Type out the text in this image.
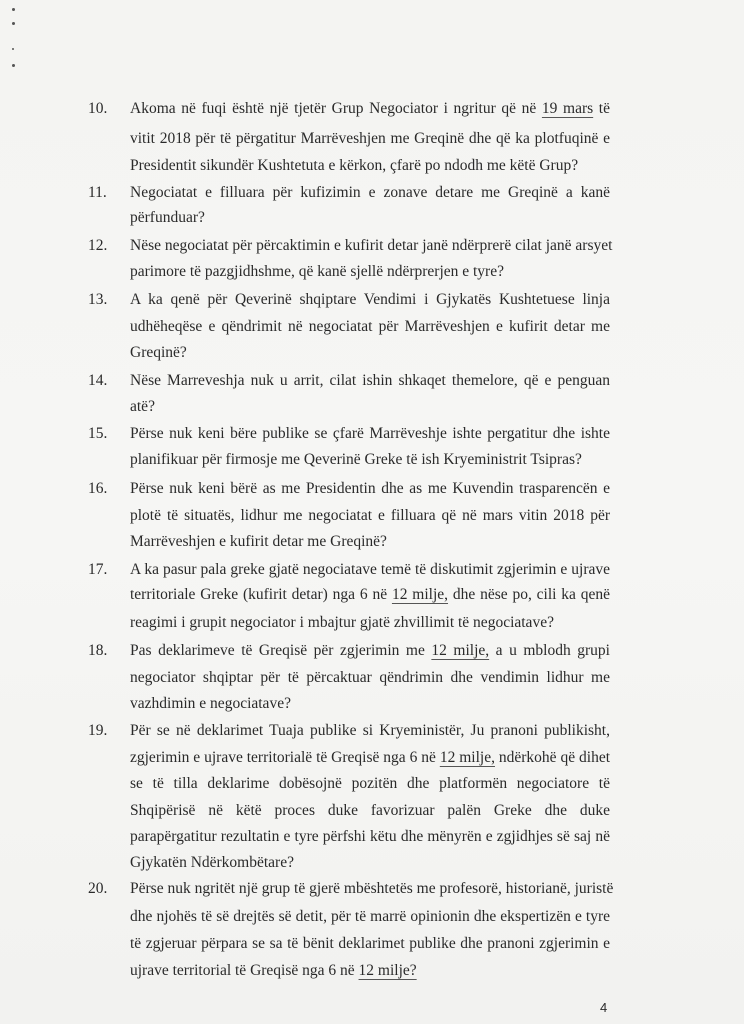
10. Akoma në fuqi është një tjetër Grup Negociator i ngritur që në 19 mars të
vitit 2018 për të përgatitur Marrëveshjen me Greqinë dhe që ka plotfuqinë e
Presidentit sikundër Kushtetuta e kërkon, çfarë po ndodh me këtë Grup?
11. Negociatat e filluara për kufizimin e zonave detare me Greqinë a kanë
përfunduar?
12. Nëse negociatat për përcaktimin e kufirit detar janë ndërprerë cilat janë arsyet
parimore të pazgjidhshme, që kanë sjellë ndërprerjen e tyre?
13. A ka qenë për Qeverinë shqiptare Vendimi i Gjykatës Kushtetuese linja
udhëheqëse e qëndrimit në negociatat për Marrëveshjen e kufirit detar me
Greqinë?
14. Nëse Marreveshja nuk u arrit, cilat ishin shkaqet themelore, që e penguan
atë?
15. Përse nuk keni bëre publike se çfarë Marrëveshje ishte pergatitur dhe ishte
planifikuar për firmosje me Qeverinë Greke të ish Kryeministrit Tsipras?
16. Përse nuk keni bërë as me Presidentin dhe as me Kuvendin trasparencën e
plotë të situatës, lidhur me negociatat e filluara që në mars vitin 2018 për
Marrëveshjen e kufirit detar me Greqinë?
17. A ka pasur pala greke gjatë negociatave temë të diskutimit zgjerimin e ujrave
territoriale Greke (kufirit detar) nga 6 në 12 milje, dhe nëse po, cili ka qenë
reagimi i grupit negociator i mbajtur gjatë zhvillimit të negociatave?
18. Pas deklarimeve të Greqisë për zgjerimin me 12 milje, a u mblodh grupi
negociator shqiptar për të përcaktuar qëndrimin dhe vendimin lidhur me
vazhdimin e negociatave?
19. Për se në deklarimet Tuaja publike si Kryeministër, Ju pranoni publikisht,
zgjerimin e ujrave territorialë të Greqisë nga 6 në 12 milje, ndërkohë që dihet
se të tilla deklarime dobësojnë pozitën dhe platformën negociatore të
Shqipërisë në këtë proces duke favorizuar palën Greke dhe duke
parapërgatitur rezultatin e tyre përfshi këtu dhe mënyrën e zgjidhjes së saj në
Gjykatën Ndërkombëtare?
20. Përse nuk ngritët një grup të gjerë mbështetës me profesorë, historianë, juristë
dhe njohës të së drejtës së detit, për të marrë opinionin dhe ekspertizën e tyre
të zgjeruar përpara se sa të bënit deklarimet publike dhe pranoni zgjerimin e
ujrave territorial të Greqisë nga 6 në 12 milje?
4
